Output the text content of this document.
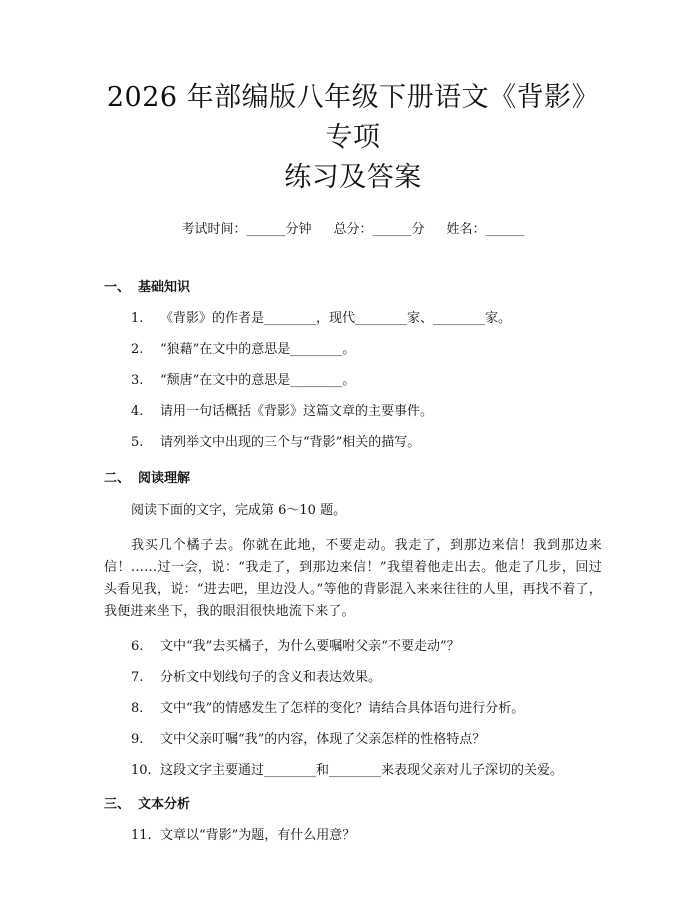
2026 年部编版八年级下册语文《背影》专项
练习及答案
考试时间：______分钟 总分：______分 姓名：______
一、 基础知识
1. 《背影》的作者是________，现代________家、________家。
2. “狼藉”在文中的意思是________。
3. “颓唐”在文中的意思是________。
4. 请用一句话概括《背影》这篇文章的主要事件。
5. 请列举文中出现的三个与“背影”相关的描写。
二、 阅读理解
阅读下面的文字，完成第 6～10 题。
我买几个橘子去。你就在此地，不要走动。我走了，到那边来信！我到那边来信！……过一会，说：“我走了，到那边来信！”我望着他走出去。他走了几步，回过头看见我，说：“进去吧，里边没人。”等他的背影混入来来往往的人里，再找不着了，我便进来坐下，我的眼泪很快地流下来了。
6. 文中“我”去买橘子，为什么要嘱咐父亲“不要走动”？
7. 分析文中划线句子的含义和表达效果。
8. 文中“我”的情感发生了怎样的变化？请结合具体语句进行分析。
9. 文中父亲叮嘱“我”的内容，体现了父亲怎样的性格特点？
10. 这段文字主要通过________和________来表现父亲对儿子深切的关爱。
三、 文本分析
11. 文章以“背影”为题，有什么用意？
